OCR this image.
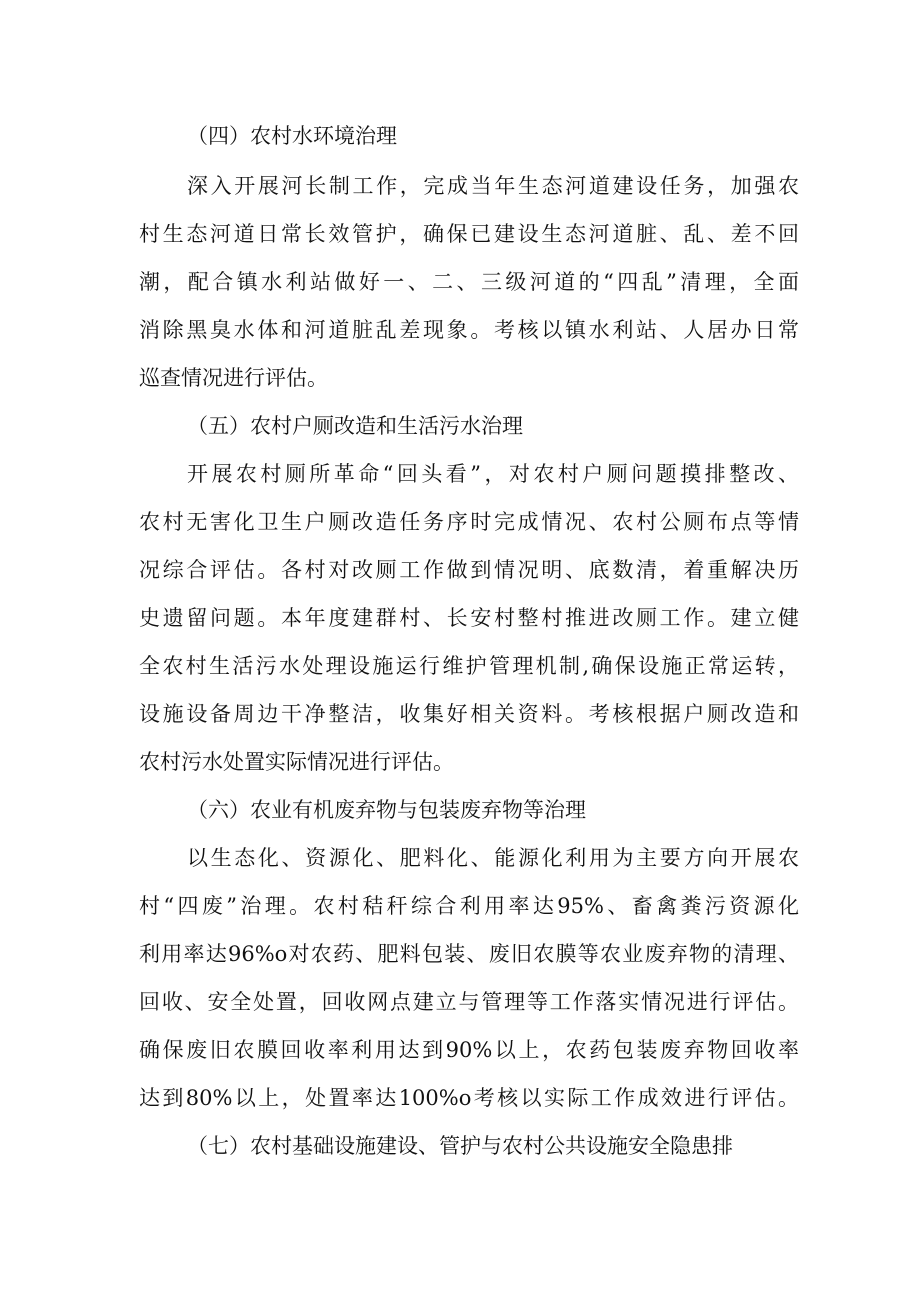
（四）农村水环境治理
深入开展河长制工作，完成当年生态河道建设任务，加强农
村生态河道日常长效管护，确保已建设生态河道脏、乱、差不回
潮，配合镇水利站做好一、二、三级河道的“四乱”清理，全面
消除黑臭水体和河道脏乱差现象。考核以镇水利站、人居办日常
巡查情况进行评估。
（五）农村户厕改造和生活污水治理
开展农村厕所革命“回头看”，对农村户厕问题摸排整改、
农村无害化卫生户厕改造任务序时完成情况、农村公厕布点等情
况综合评估。各村对改厕工作做到情况明、底数清，着重解决历
史遗留问题。本年度建群村、长安村整村推进改厕工作。建立健
全农村生活污水处理设施运行维护管理机制,确保设施正常运转，
设施设备周边干净整洁，收集好相关资料。考核根据户厕改造和
农村污水处置实际情况进行评估。
（六）农业有机废弃物与包装废弃物等治理
以生态化、资源化、肥料化、能源化利用为主要方向开展农
村“四废”治理。农村秸秆综合利用率达95%、畜禽粪污资源化
利用率达96%o对农药、肥料包装、废旧农膜等农业废弃物的清理、
回收、安全处置，回收网点建立与管理等工作落实情况进行评估。
确保废旧农膜回收率利用达到90%以上，农药包装废弃物回收率
达到80%以上，处置率达100%o考核以实际工作成效进行评估。
（七）农村基础设施建设、管护与农村公共设施安全隐患排
